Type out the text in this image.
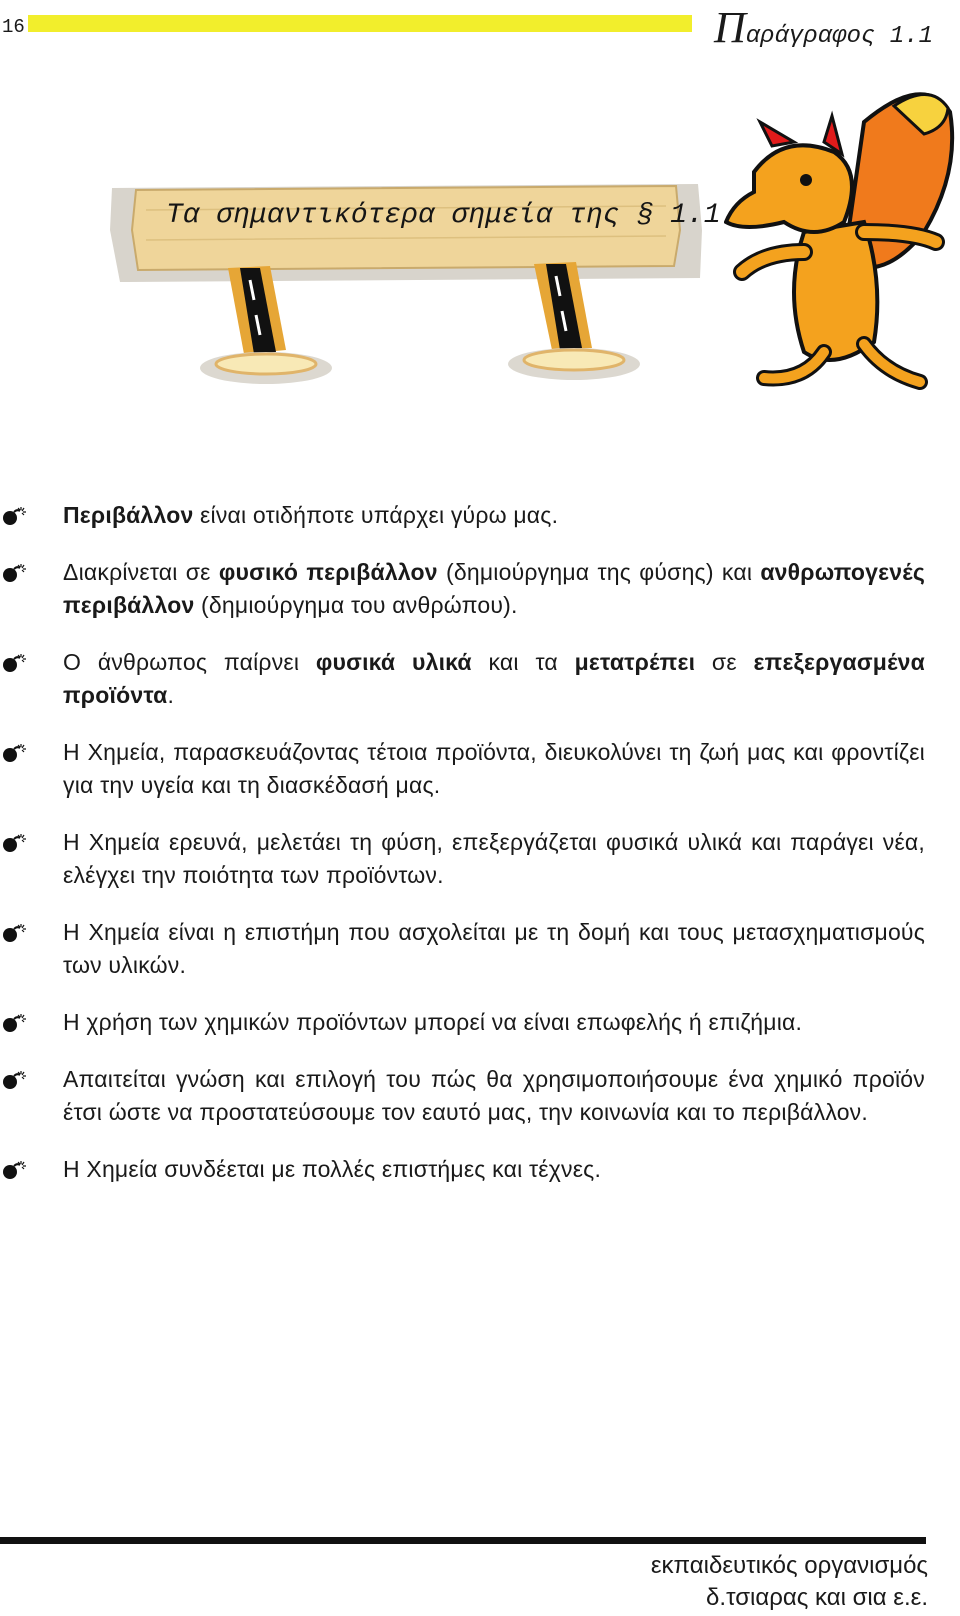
16	Παράγραφος 1.1
Τα σημαντικότερα σημεία της § 1.1
Περιβάλλον είναι οτιδήποτε υπάρχει γύρω μας.
Διακρίνεται σε φυσικό περιβάλλον (δημιούργημα της φύσης) και ανθρωπογενές περιβάλλον (δημιούργημα του ανθρώπου).
Ο άνθρωπος παίρνει φυσικά υλικά και τα μετατρέπει σε επεξεργασμένα προϊόντα.
Η Χημεία, παρασκευάζοντας τέτοια προϊόντα, διευκολύνει τη ζωή μας και φροντίζει για την υγεία και τη διασκέδασή μας.
Η Χημεία ερευνά, μελετάει τη φύση, επεξεργάζεται φυσικά υλικά και παράγει νέα, ελέγχει την ποιότητα των προϊόντων.
Η Χημεία είναι η επιστήμη που ασχολείται με τη δομή και τους μετασχηματισμούς των υλικών.
Η χρήση των χημικών προϊόντων μπορεί να είναι επωφελής ή επιζήμια.
Απαιτείται γνώση και επιλογή του πώς θα χρησιμοποιήσουμε ένα χημικό προϊόν έτσι ώστε να προστατεύσουμε τον εαυτό μας, την κοινωνία και το περιβάλλον.
Η Χημεία συνδέεται με πολλές επιστήμες και τέχνες.
εκπαιδευτικός οργανισμός
δ.τσιαρας και σια ε.ε.
